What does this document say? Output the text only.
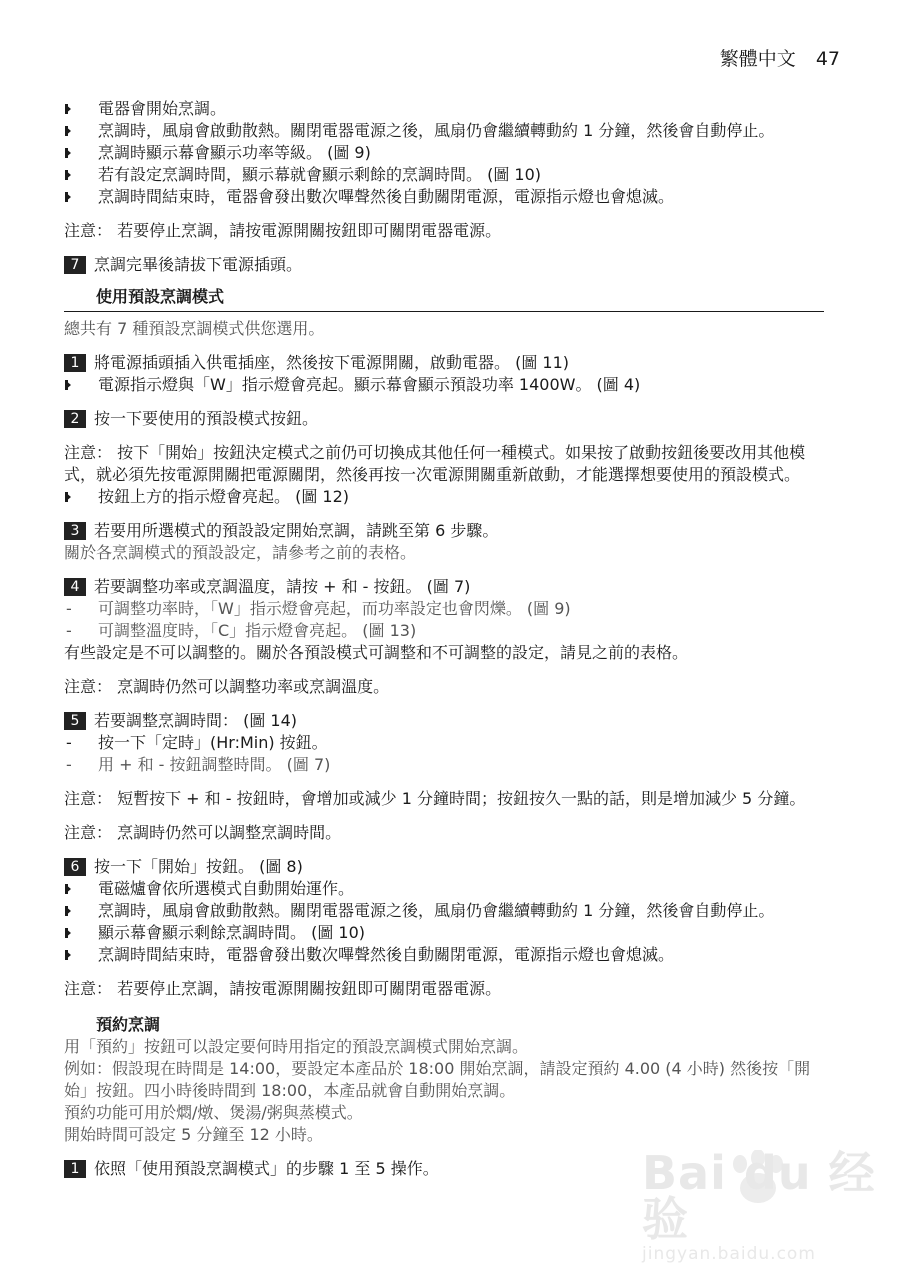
繁體中文 47
電器會開始烹調。
烹調時，風扇會啟動散熱。關閉電器電源之後，風扇仍會繼續轉動約 1 分鐘，然後會自動停止。
烹調時顯示幕會顯示功率等級。 (圖 9)
若有設定烹調時間，顯示幕就會顯示剩餘的烹調時間。 (圖 10)
烹調時間結束時，電器會發出數次嗶聲然後自動關閉電源，電源指示燈也會熄滅。
注意： 若要停止烹調，請按電源開關按鈕即可關閉電器電源。
7 烹調完畢後請拔下電源插頭。
使用預設烹調模式
總共有 7 種預設烹調模式供您選用。
1 將電源插頭插入供電插座，然後按下電源開關，啟動電器。 (圖 11)
電源指示燈與「W」指示燈會亮起。顯示幕會顯示預設功率 1400W。 (圖 4)
2 按一下要使用的預設模式按鈕。
注意： 按下「開始」按鈕決定模式之前仍可切換成其他任何一種模式。如果按了啟動按鈕後要改用其他模式，就必須先按電源開關把電源關閉，然後再按一次電源開關重新啟動，才能選擇想要使用的預設模式。
按鈕上方的指示燈會亮起。 (圖 12)
3 若要用所選模式的預設設定開始烹調，請跳至第 6 步驟。
關於各烹調模式的預設設定，請參考之前的表格。
4 若要調整功率或烹調溫度，請按 + 和 - 按鈕。 (圖 7)
- 可調整功率時，「W」指示燈會亮起，而功率設定也會閃爍。 (圖 9)
- 可調整溫度時，「C」指示燈會亮起。 (圖 13)
有些設定是不可以調整的。關於各預設模式可調整和不可調整的設定，請見之前的表格。
注意： 烹調時仍然可以調整功率或烹調溫度。
5 若要調整烹調時間： (圖 14)
- 按一下「定時」(Hr:Min) 按鈕。
- 用 + 和 - 按鈕調整時間。 (圖 7)
注意： 短暫按下 + 和 - 按鈕時，會增加或減少 1 分鐘時間；按鈕按久一點的話，則是增加減少 5 分鐘。
注意： 烹調時仍然可以調整烹調時間。
6 按一下「開始」按鈕。 (圖 8)
電磁爐會依所選模式自動開始運作。
烹調時，風扇會啟動散熱。關閉電器電源之後，風扇仍會繼續轉動約 1 分鐘，然後會自動停止。
顯示幕會顯示剩餘烹調時間。 (圖 10)
烹調時間結束時，電器會發出數次嗶聲然後自動關閉電源，電源指示燈也會熄滅。
注意： 若要停止烹調，請按電源開關按鈕即可關閉電器電源。
預約烹調
用「預約」按鈕可以設定要何時用指定的預設烹調模式開始烹調。
例如：假設現在時間是 14:00，要設定本產品於 18:00 開始烹調，請設定預約 4.00 (4 小時) 然後按「開始」按鈕。四小時後時間到 18:00，本產品就會自動開始烹調。
預約功能可用於燜/燉、煲湯/粥與蒸模式。
開始時間可設定 5 分鐘至 12 小時。
1 依照「使用預設烹調模式」的步驟 1 至 5 操作。	Bai du 经验
jingyan.baidu.com
